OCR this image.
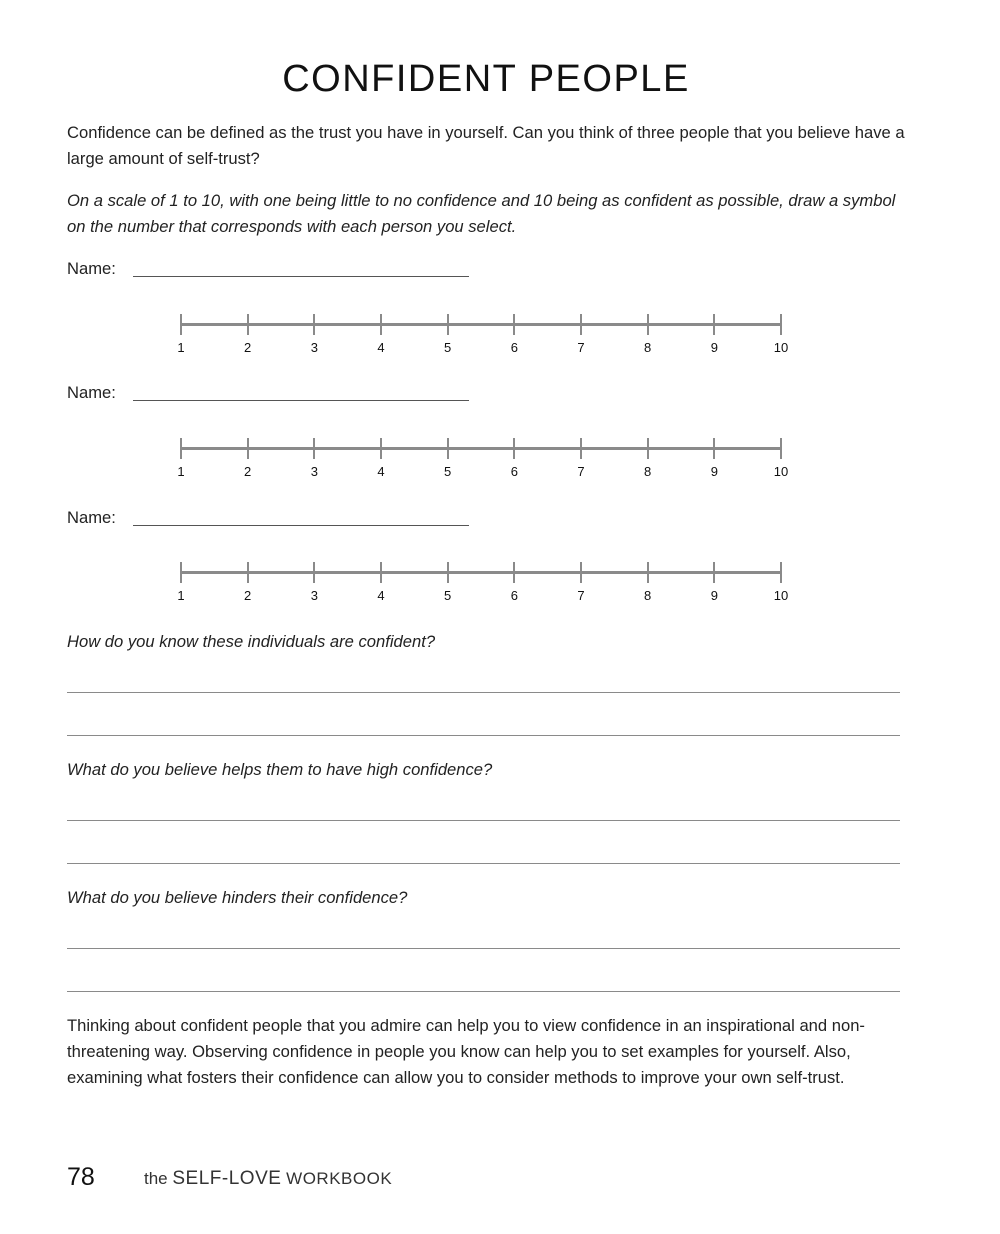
CONFIDENT PEOPLE
Confidence can be defined as the trust you have in yourself. Can you think of three people that you believe have a large amount of self-trust?
On a scale of 1 to 10, with one being little to no confidence and 10 being as confident as possible, draw a symbol on the number that corresponds with each person you select.
Name:
1	2	3	4	5	6	7	8	9	10
Name:
1	2	3	4	5	6	7	8	9	10
Name:
1	2	3	4	5	6	7	8	9	10
How do you know these individuals are confident?
What do you believe helps them to have high confidence?
What do you believe hinders their confidence?
Thinking about confident people that you admire can help you to view confidence in an inspirational and non-threatening way. Observing confidence in people you know can help you to set examples for yourself. Also, examining what fosters their confidence can allow you to consider methods to improve your own self-trust.
78	the SELF-LOVE WORKBOOK
